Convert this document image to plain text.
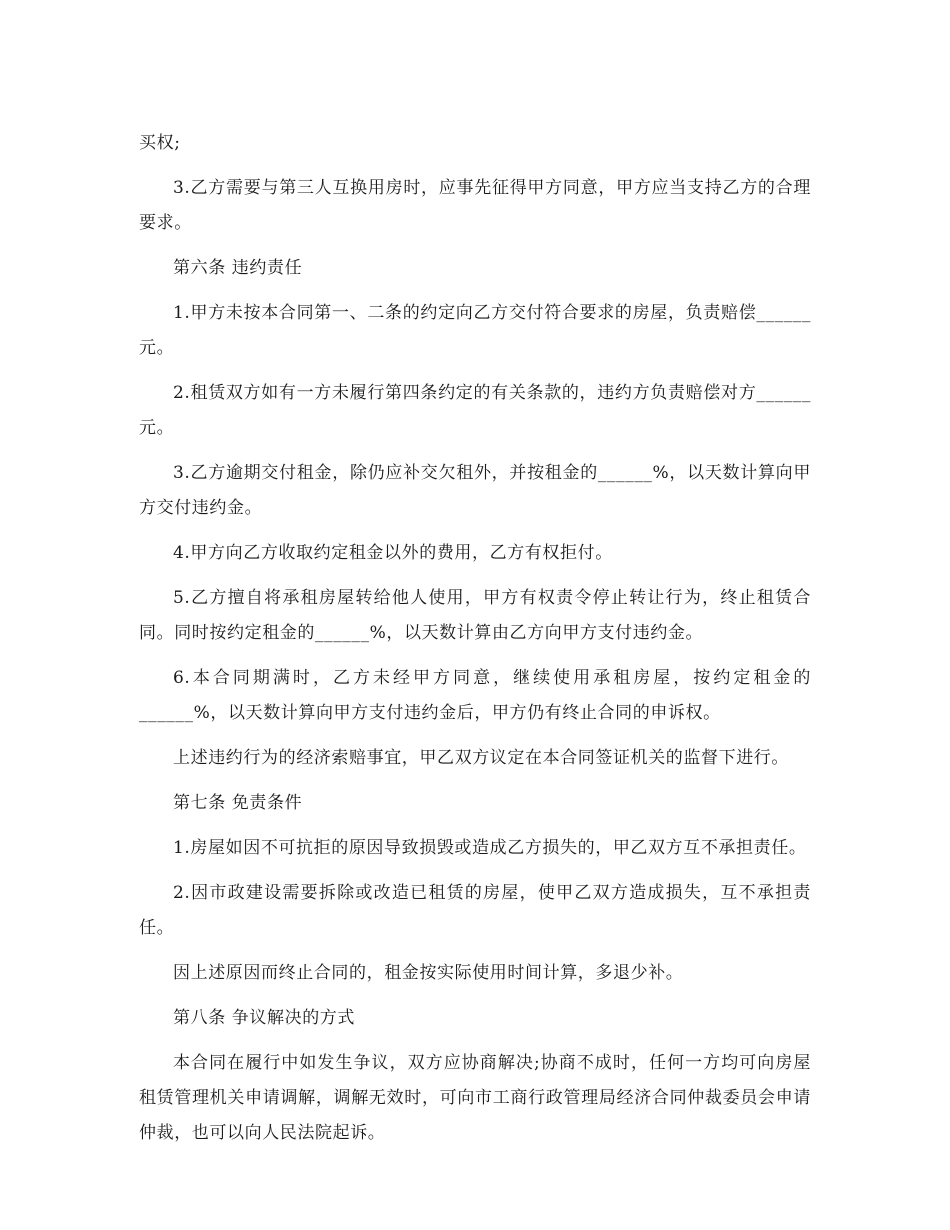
买权;

3.乙方需要与第三人互换用房时，应事先征得甲方同意，甲方应当支持乙方的合理要求。

第六条 违约责任

1.甲方未按本合同第一、二条的约定向乙方交付符合要求的房屋，负责赔偿______元。

2.租赁双方如有一方未履行第四条约定的有关条款的，违约方负责赔偿对方______元。

3.乙方逾期交付租金，除仍应补交欠租外，并按租金的______%，以天数计算向甲方交付违约金。

4.甲方向乙方收取约定租金以外的费用，乙方有权拒付。

5.乙方擅自将承租房屋转给他人使用，甲方有权责令停止转让行为，终止租赁合同。同时按约定租金的______%，以天数计算由乙方向甲方支付违约金。

6.本合同期满时，乙方未经甲方同意，继续使用承租房屋，按约定租金的______%，以天数计算向甲方支付违约金后，甲方仍有终止合同的申诉权。

上述违约行为的经济索赔事宜，甲乙双方议定在本合同签证机关的监督下进行。

第七条 免责条件

1.房屋如因不可抗拒的原因导致损毁或造成乙方损失的，甲乙双方互不承担责任。

2.因市政建设需要拆除或改造已租赁的房屋，使甲乙双方造成损失，互不承担责任。

因上述原因而终止合同的，租金按实际使用时间计算，多退少补。

第八条 争议解决的方式

本合同在履行中如发生争议，双方应协商解决;协商不成时，任何一方均可向房屋租赁管理机关申请调解，调解无效时，可向市工商行政管理局经济合同仲裁委员会申请仲裁，也可以向人民法院起诉。
